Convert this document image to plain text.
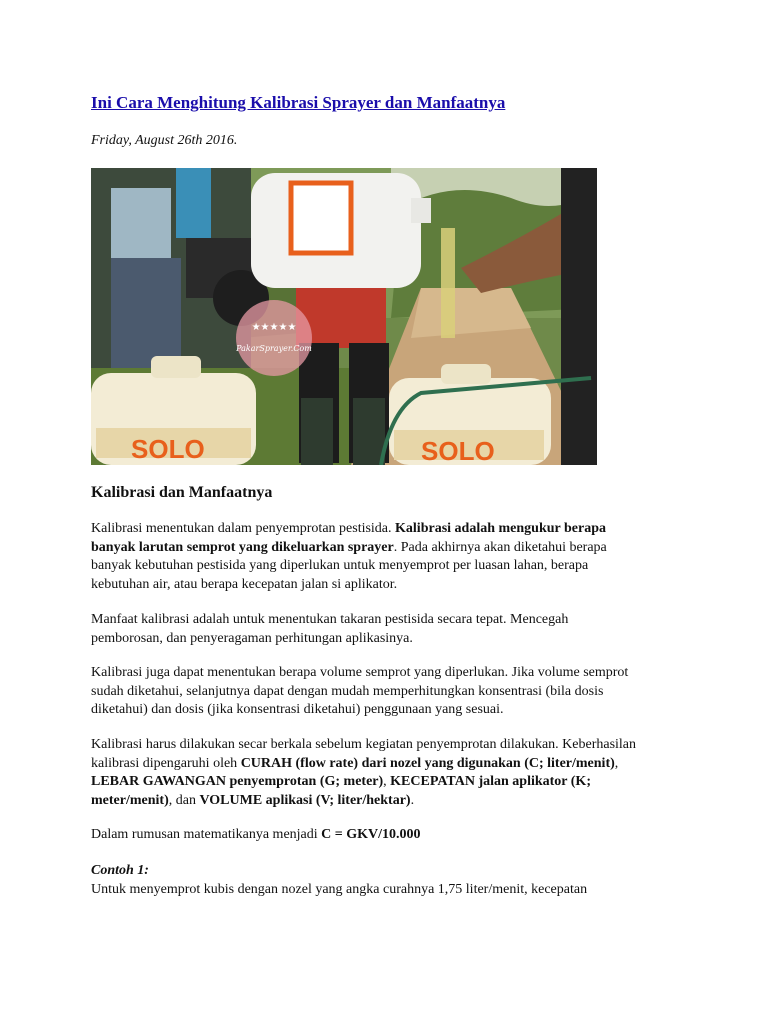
Ini Cara Menghitung Kalibrasi Sprayer dan Manfaatnya
Friday, August 26th 2016.
SOLO	SOLO
★★★★★
PakarSprayer.Com
Kalibrasi dan Manfaatnya
Kalibrasi menentukan dalam penyemprotan pestisida. Kalibrasi adalah mengukur berapa
banyak larutan semprot yang dikeluarkan sprayer. Pada akhirnya akan diketahui berapa
banyak kebutuhan pestisida yang diperlukan untuk menyemprot per luasan lahan, berapa
kebutuhan air, atau berapa kecepatan jalan si aplikator.
Manfaat kalibrasi adalah untuk menentukan takaran pestisida secara tepat. Mencegah
pemborosan, dan penyeragaman perhitungan aplikasinya.
Kalibrasi juga dapat menentukan berapa volume semprot yang diperlukan. Jika volume semprot
sudah diketahui, selanjutnya dapat dengan mudah memperhitungkan konsentrasi (bila dosis
diketahui) dan dosis (jika konsentrasi diketahui) penggunaan yang sesuai.
Kalibrasi harus dilakukan secar berkala sebelum kegiatan penyemprotan dilakukan. Keberhasilan
kalibrasi dipengaruhi oleh CURAH (flow rate) dari nozel yang digunakan (C; liter/menit),
LEBAR GAWANGAN penyemprotan (G; meter), KECEPATAN jalan aplikator (K;
meter/menit), dan VOLUME aplikasi (V; liter/hektar).
Dalam rumusan matematikanya menjadi C = GKV/10.000
Contoh 1:
Untuk menyemprot kubis dengan nozel yang angka curahnya 1,75 liter/menit, kecepatan
